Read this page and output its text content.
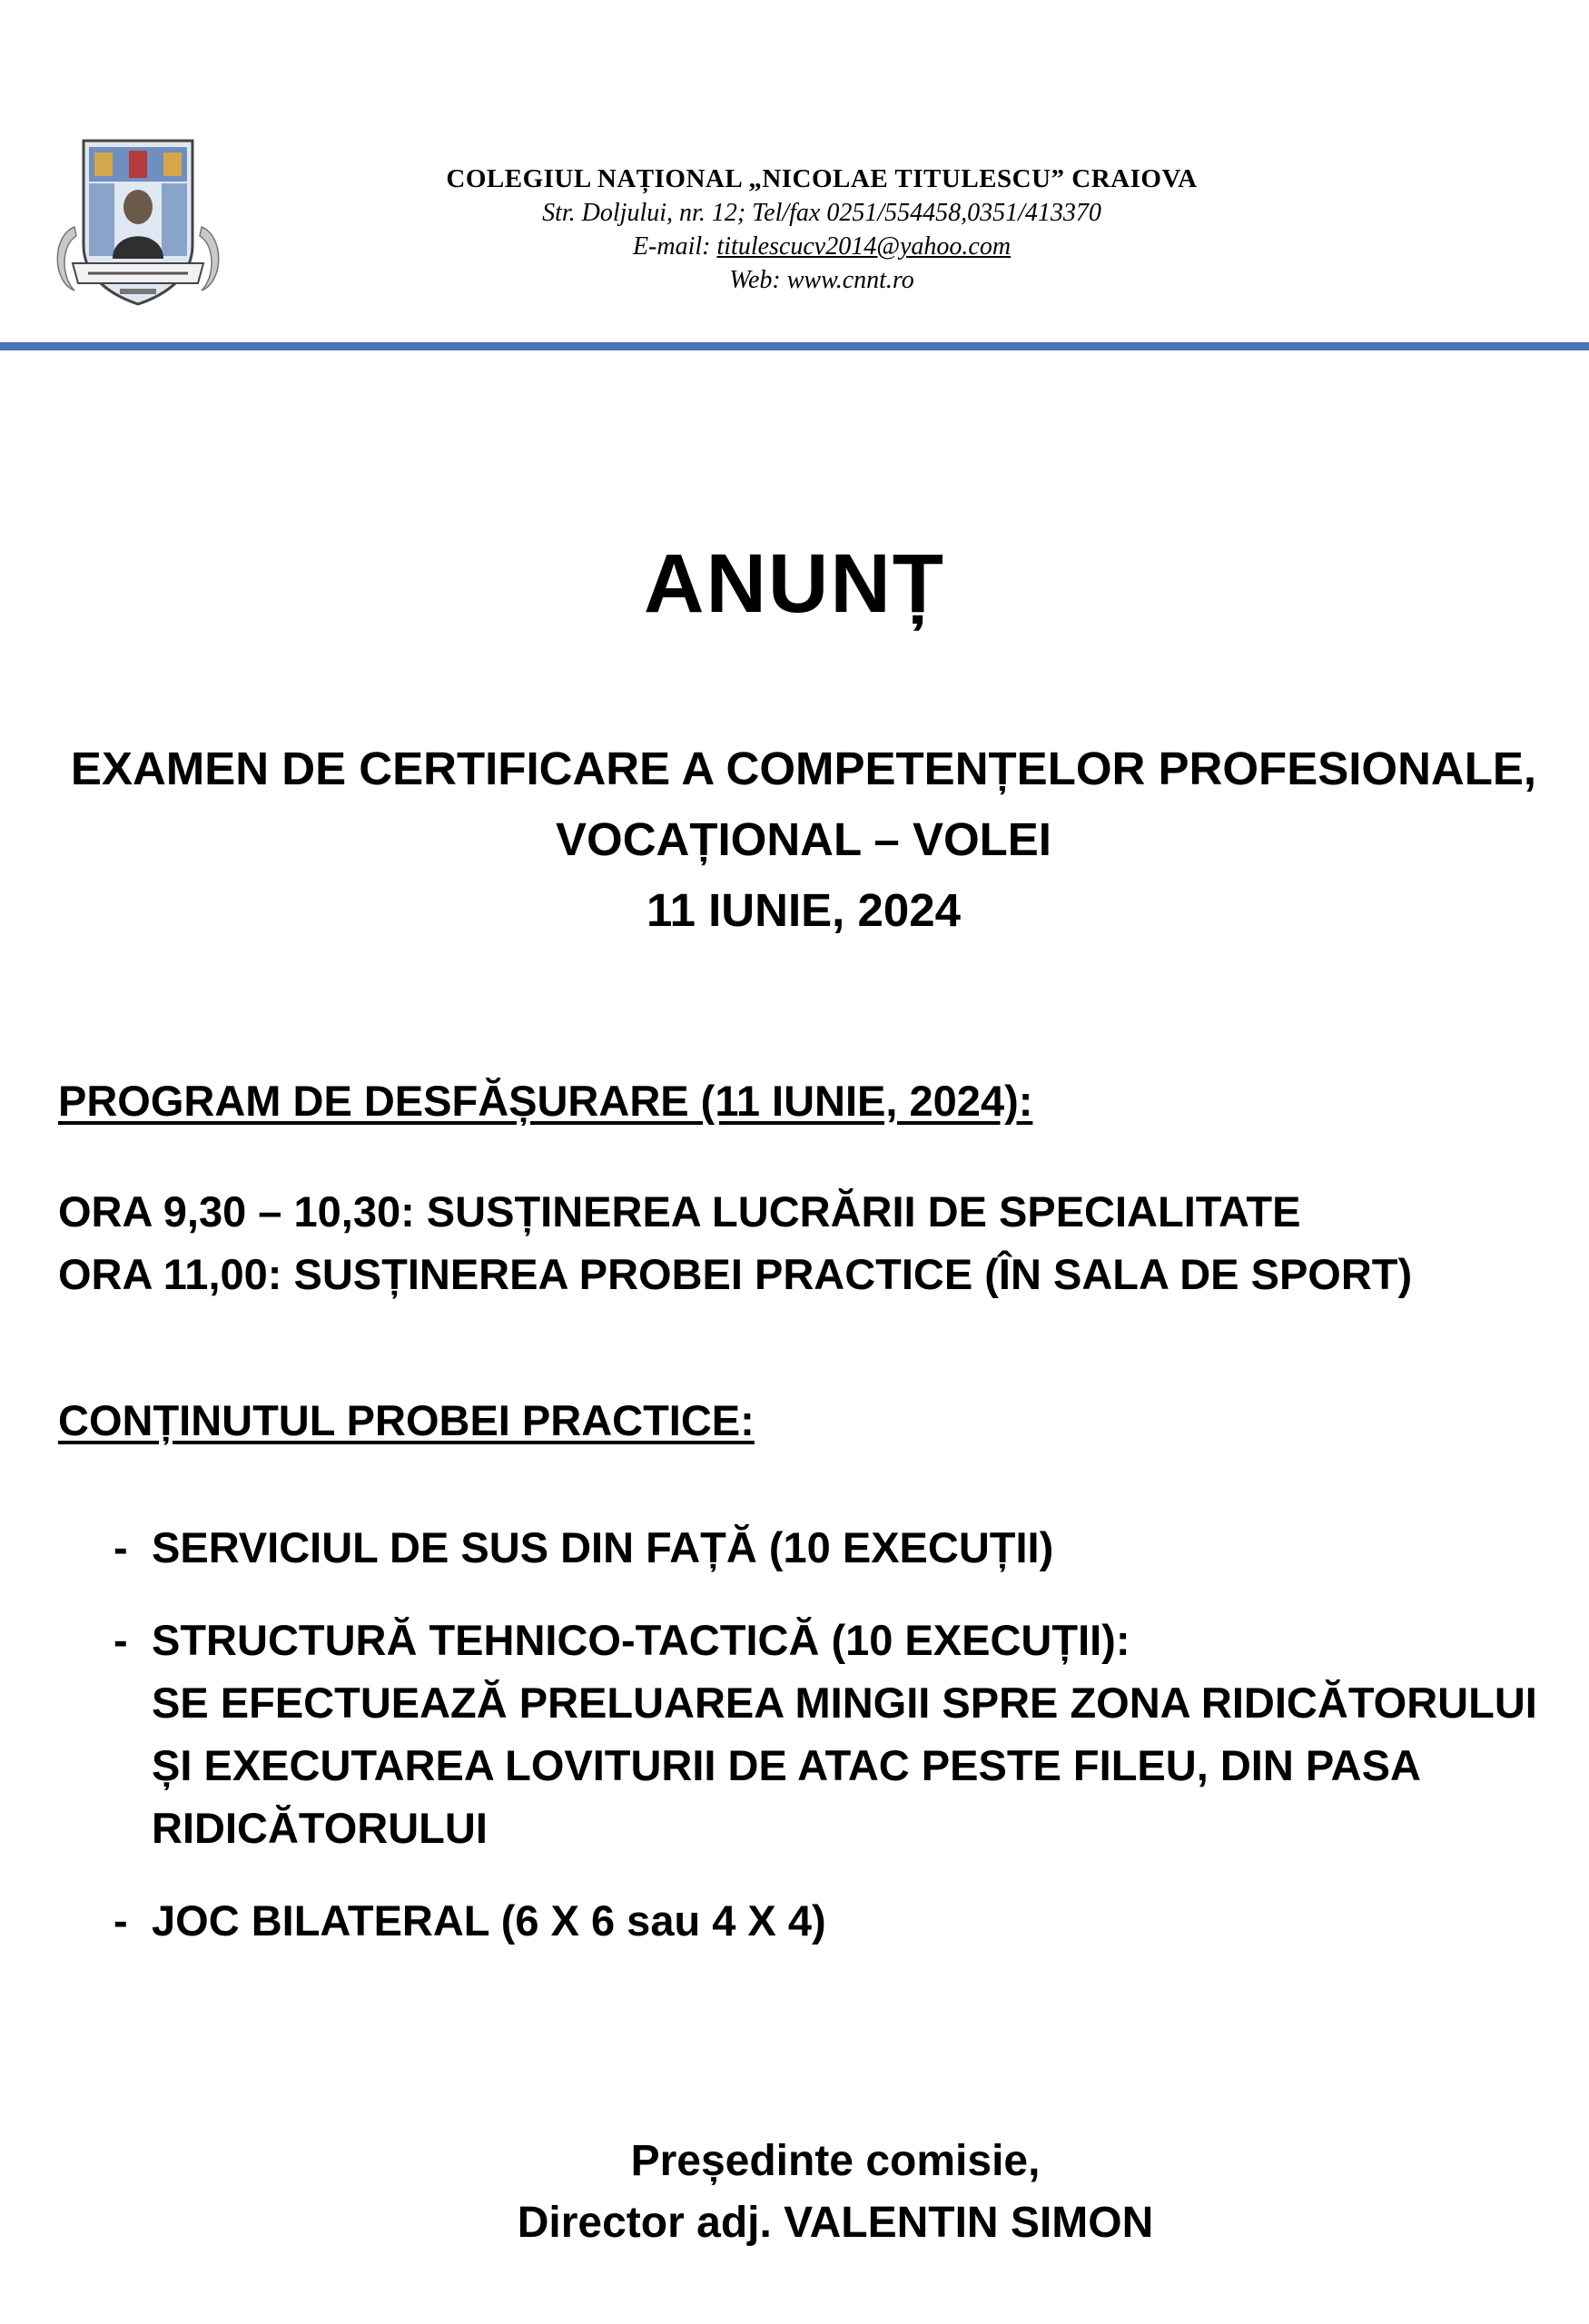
COLEGIUL NAȚIONAL „NICOLAE TITULESCU” CRAIOVA
Str. Doljului, nr. 12; Tel/fax 0251/554458,0351/413370
E-mail: titulescucv2014@yahoo.com
Web: www.cnnt.ro
ANUNȚ
EXAMEN DE CERTIFICARE A COMPETENȚELOR PROFESIONALE,
VOCAȚIONAL – VOLEI
11 IUNIE, 2024
PROGRAM DE DESFĂȘURARE (11 IUNIE, 2024):
ORA 9,30 – 10,30: SUSȚINEREA LUCRĂRII DE SPECIALITATE
ORA 11,00: SUSȚINEREA PROBEI PRACTICE (ÎN SALA DE SPORT)
CONȚINUTUL PROBEI PRACTICE:
- SERVICIUL DE SUS DIN FAȚĂ (10 EXECUȚII)
- STRUCTURĂ TEHNICO-TACTICĂ (10 EXECUȚII):
SE EFECTUEAZĂ PRELUAREA MINGII SPRE ZONA RIDICĂTORULUI
ȘI EXECUTAREA LOVITURII DE ATAC PESTE FILEU, DIN PASA
RIDICĂTORULUI
- JOC BILATERAL (6 X 6 sau 4 X 4)
Președinte comisie,
Director adj. VALENTIN SIMON
